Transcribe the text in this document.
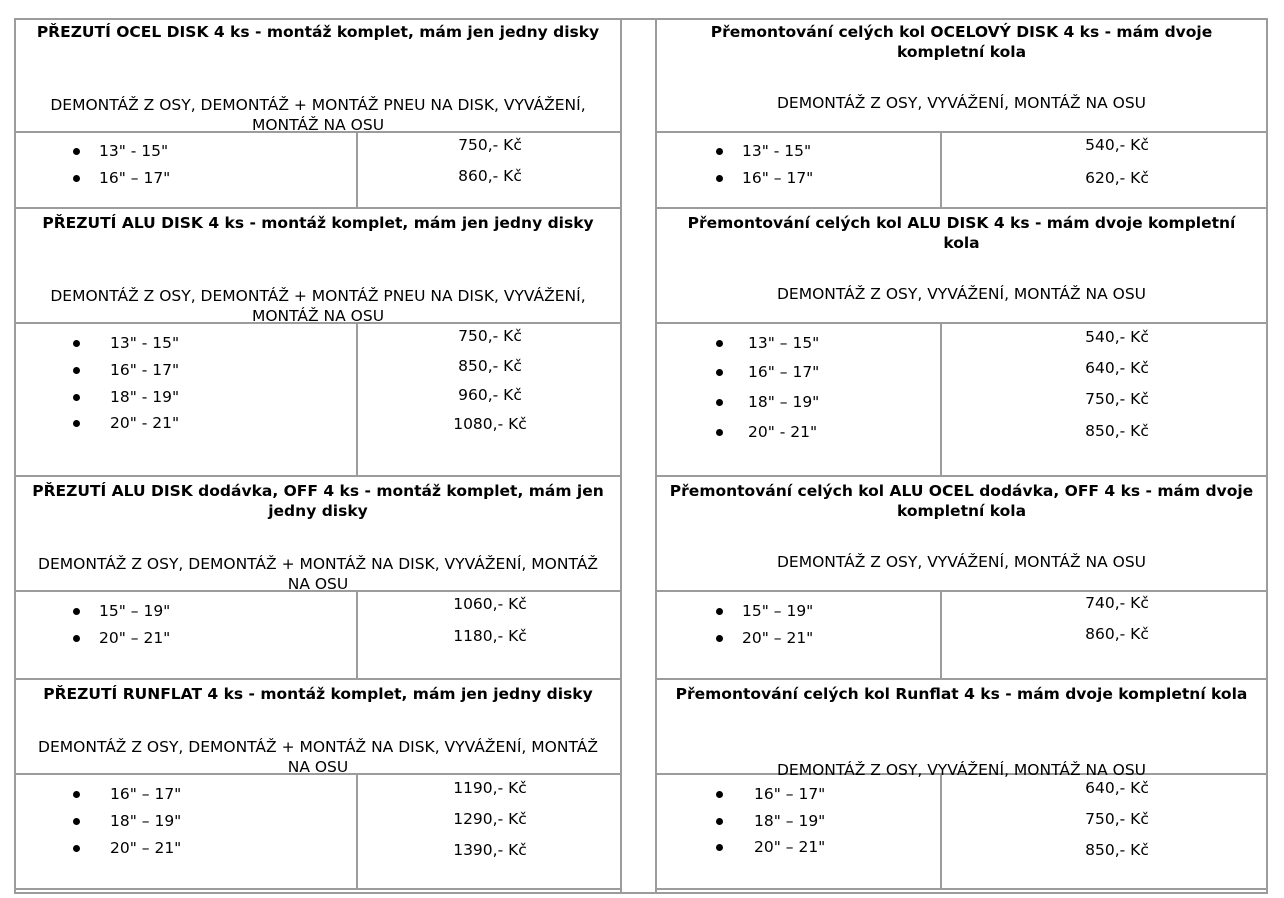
PŘEZUTÍ OCEL DISK 4 ks - montáž komplet, mám jen jedny disky
DEMONTÁŽ Z OSY, DEMONTÁŽ + MONTÁŽ PNEU NA DISK, VYVÁŽENÍ, MONTÁŽ NA OSU
13" - 15"
16" – 17"
750,- Kč
860,- Kč
PŘEZUTÍ ALU DISK 4 ks - montáž komplet, mám jen jedny disky
DEMONTÁŽ Z OSY, DEMONTÁŽ + MONTÁŽ PNEU NA DISK, VYVÁŽENÍ, MONTÁŽ NA OSU
13" - 15"
16" - 17"
18" - 19"
20" - 21"
750,- Kč
850,- Kč
960,- Kč
1080,- Kč
PŘEZUTÍ ALU DISK dodávka, OFF 4 ks - montáž komplet, mám jen jedny disky
DEMONTÁŽ Z OSY, DEMONTÁŽ + MONTÁŽ NA DISK, VYVÁŽENÍ, MONTÁŽ NA OSU
15" – 19"
20" – 21"
1060,- Kč
1180,- Kč
PŘEZUTÍ RUNFLAT 4 ks - montáž komplet, mám jen jedny disky
DEMONTÁŽ Z OSY, DEMONTÁŽ + MONTÁŽ NA DISK, VYVÁŽENÍ, MONTÁŽ NA OSU
16" – 17"
18" – 19"
20" – 21"
1190,- Kč
1290,- Kč
1390,- Kč
Přemontování celých kol OCELOVÝ DISK 4 ks - mám dvoje kompletní kola
DEMONTÁŽ Z OSY, VYVÁŽENÍ, MONTÁŽ NA OSU
13" - 15"
16" – 17"
540,- Kč
620,- Kč
Přemontování celých kol ALU DISK 4 ks - mám dvoje kompletní kola
DEMONTÁŽ Z OSY, VYVÁŽENÍ, MONTÁŽ NA OSU
13" – 15"
16" – 17"
18" – 19"
20" - 21"
540,- Kč
640,- Kč
750,- Kč
850,- Kč
Přemontování celých kol ALU OCEL dodávka, OFF 4 ks - mám dvoje kompletní kola
DEMONTÁŽ Z OSY, VYVÁŽENÍ, MONTÁŽ NA OSU
15" – 19"
20" – 21"
740,- Kč
860,- Kč
Přemontování celých kol Runflat 4 ks - mám dvoje kompletní kola
DEMONTÁŽ Z OSY, VYVÁŽENÍ, MONTÁŽ NA OSU
16" – 17"
18" – 19"
20" – 21"
640,- Kč
750,- Kč
850,- Kč
